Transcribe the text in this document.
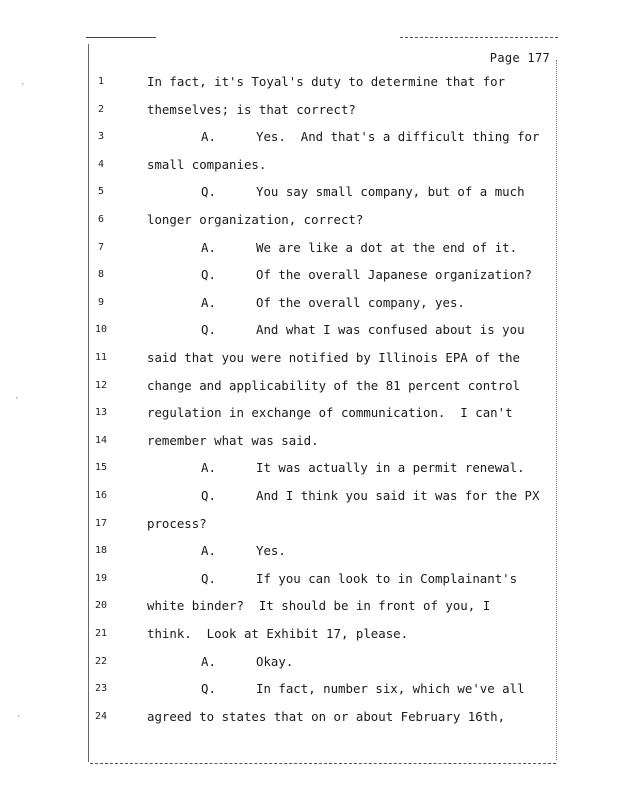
Page 177
·
·
·
1	In fact, it's Toyal's duty to determine that for
2	themselves; is that correct?
3	A.	Yes.  And that's a difficult thing for
4	small companies.
5	Q.	You say small company, but of a much
6	longer organization, correct?
7	A.	We are like a dot at the end of it.
8	Q.	Of the overall Japanese organization?
9	A.	Of the overall company, yes.
10	Q.	And what I was confused about is you
11	said that you were notified by Illinois EPA of the
12	change and applicability of the 81 percent control
13	regulation in exchange of communication.  I can't
14	remember what was said.
15	A.	It was actually in a permit renewal.
16	Q.	And I think you said it was for the PX
17	process?
18	A.	Yes.
19	Q.	If you can look to in Complainant's
20	white binder?  It should be in front of you, I
21	think.  Look at Exhibit 17, please.
22	A.	Okay.
23	Q.	In fact, number six, which we've all
24	agreed to states that on or about February 16th,
